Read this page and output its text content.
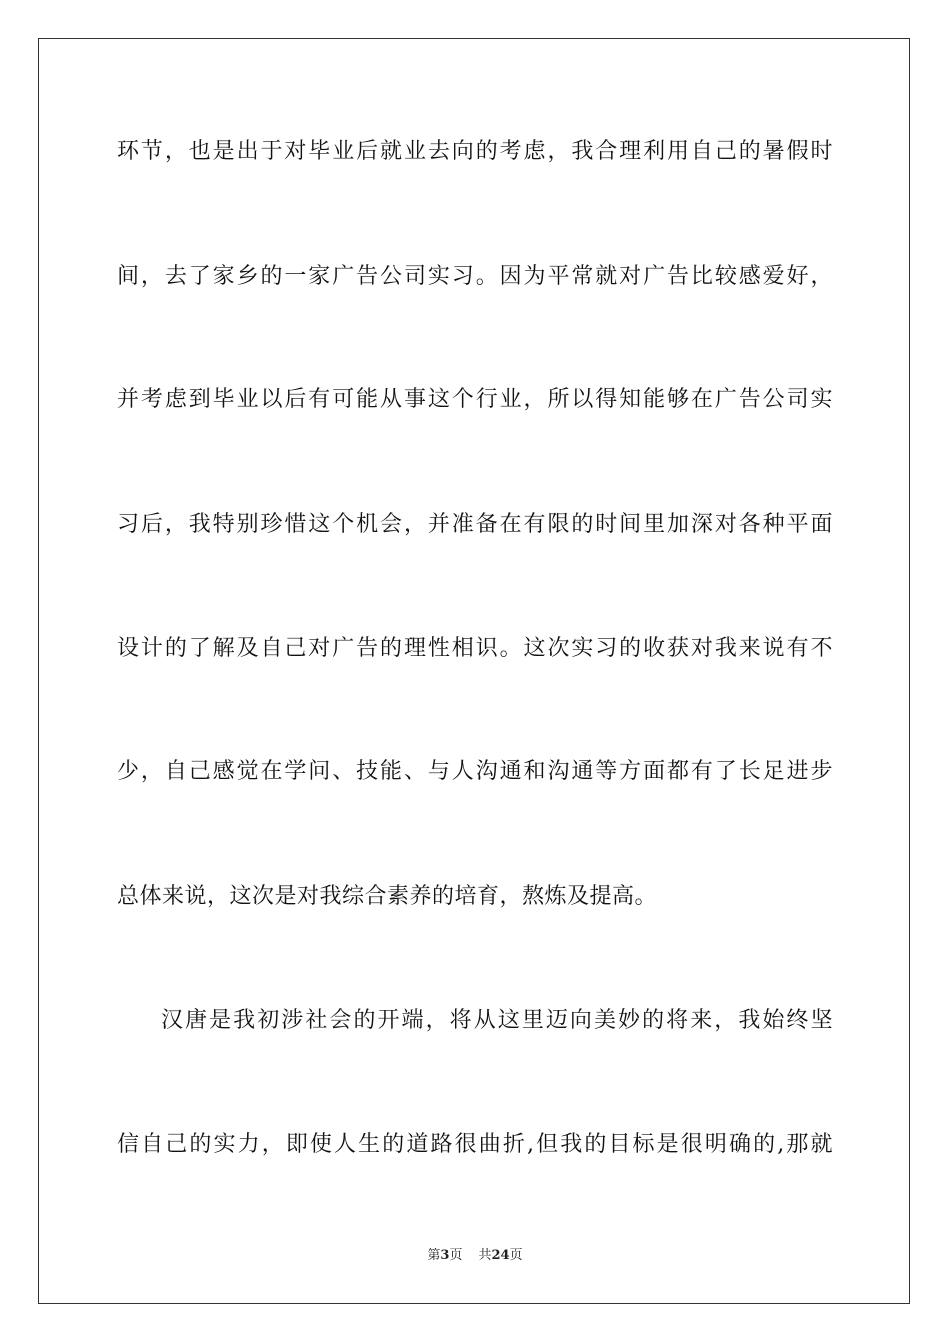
环节，也是出于对毕业后就业去向的考虑，我合理利用自己的暑假时
间，去了家乡的一家广告公司实习。因为平常就对广告比较感爱好，
并考虑到毕业以后有可能从事这个行业，所以得知能够在广告公司实
习后，我特别珍惜这个机会，并准备在有限的时间里加深对各种平面
设计的了解及自己对广告的理性相识。这次实习的收获对我来说有不
少，自己感觉在学问、技能、与人沟通和沟通等方面都有了长足进步
总体来说，这次是对我综合素养的培育，熬炼及提高。
汉唐是我初涉社会的开端，将从这里迈向美妙的将来，我始终坚
信自己的实力，即使人生的道路很曲折,但我的目标是很明确的,那就
第3页 共24页
